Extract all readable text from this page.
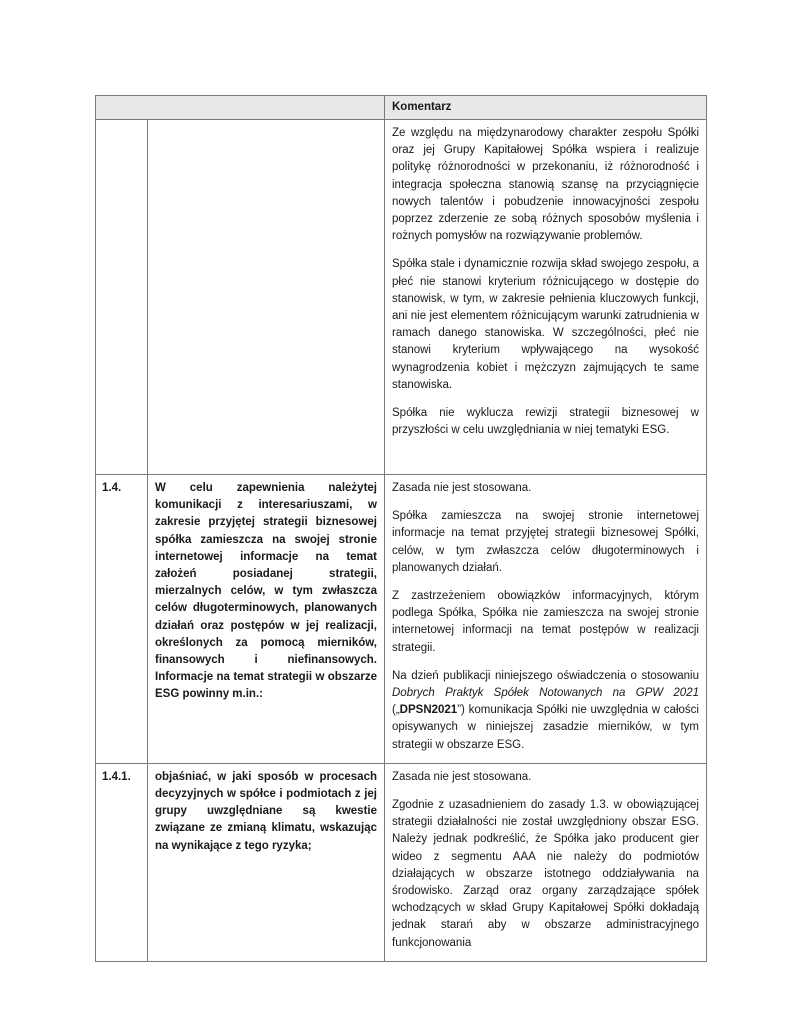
Komentarz

Ze względu na międzynarodowy charakter zespołu Spółki oraz jej Grupy Kapitałowej Spółka wspiera i realizuje politykę różnorodności w przekonaniu, iż różnorodność i integracja społeczna stanowią szansę na przyciągnięcie nowych talentów i pobudzenie innowacyjności zespołu poprzez zderzenie ze sobą różnych sposobów myślenia i rożnych pomysłów na rozwiązywanie problemów.

Spółka stale i dynamicznie rozwija skład swojego zespołu, a płeć nie stanowi kryterium różnicującego w dostępie do stanowisk, w tym, w zakresie pełnienia kluczowych funkcji, ani nie jest elementem różnicującym warunki zatrudnienia w ramach danego stanowiska. W szczególności, płeć nie stanowi kryterium wpływającego na wysokość wynagrodzenia kobiet i mężczyzn zajmujących te same stanowiska.

Spółka nie wyklucza rewizji strategii biznesowej w przyszłości w celu uwzględniania w niej tematyki ESG.

1.4.	W celu zapewnienia należytej komunikacji z interesariuszami, w zakresie przyjętej strategii biznesowej spółka zamieszcza na swojej stronie internetowej informacje na temat założeń posiadanej strategii, mierzalnych celów, w tym zwłaszcza celów długoterminowych, planowanych działań oraz postępów w jej realizacji, określonych za pomocą mierników, finansowych i niefinansowych. Informacje na temat strategii w obszarze ESG powinny m.in.:

Zasada nie jest stosowana.

Spółka zamieszcza na swojej stronie internetowej informacje na temat przyjętej strategii biznesowej Spółki, celów, w tym zwłaszcza celów długoterminowych i planowanych działań.

Z zastrzeżeniem obowiązków informacyjnych, którym podlega Spółka, Spółka nie zamieszcza na swojej stronie internetowej informacji na temat postępów w realizacji strategii.

Na dzień publikacji niniejszego oświadczenia o stosowaniu Dobrych Praktyk Spółek Notowanych na GPW 2021 („DPSN2021”) komunikacja Spółki nie uwzględnia w całości opisywanych w niniejszej zasadzie mierników, w tym strategii w obszarze ESG.

1.4.1.	objaśniać, w jaki sposób w procesach decyzyjnych w spółce i podmiotach z jej grupy uwzględniane są kwestie związane ze zmianą klimatu, wskazując na wynikające z tego ryzyka;

Zasada nie jest stosowana.

Zgodnie z uzasadnieniem do zasady 1.3. w obowiązującej strategii działalności nie został uwzględniony obszar ESG. Należy jednak podkreślić, że Spółka jako producent gier wideo z segmentu AAA nie należy do podmiotów działających w obszarze istotnego oddziaływania na środowisko. Zarząd oraz organy zarządzające spółek wchodzących w skład Grupy Kapitałowej Spółki dokładają jednak starań aby w obszarze administracyjnego funkcjonowania
